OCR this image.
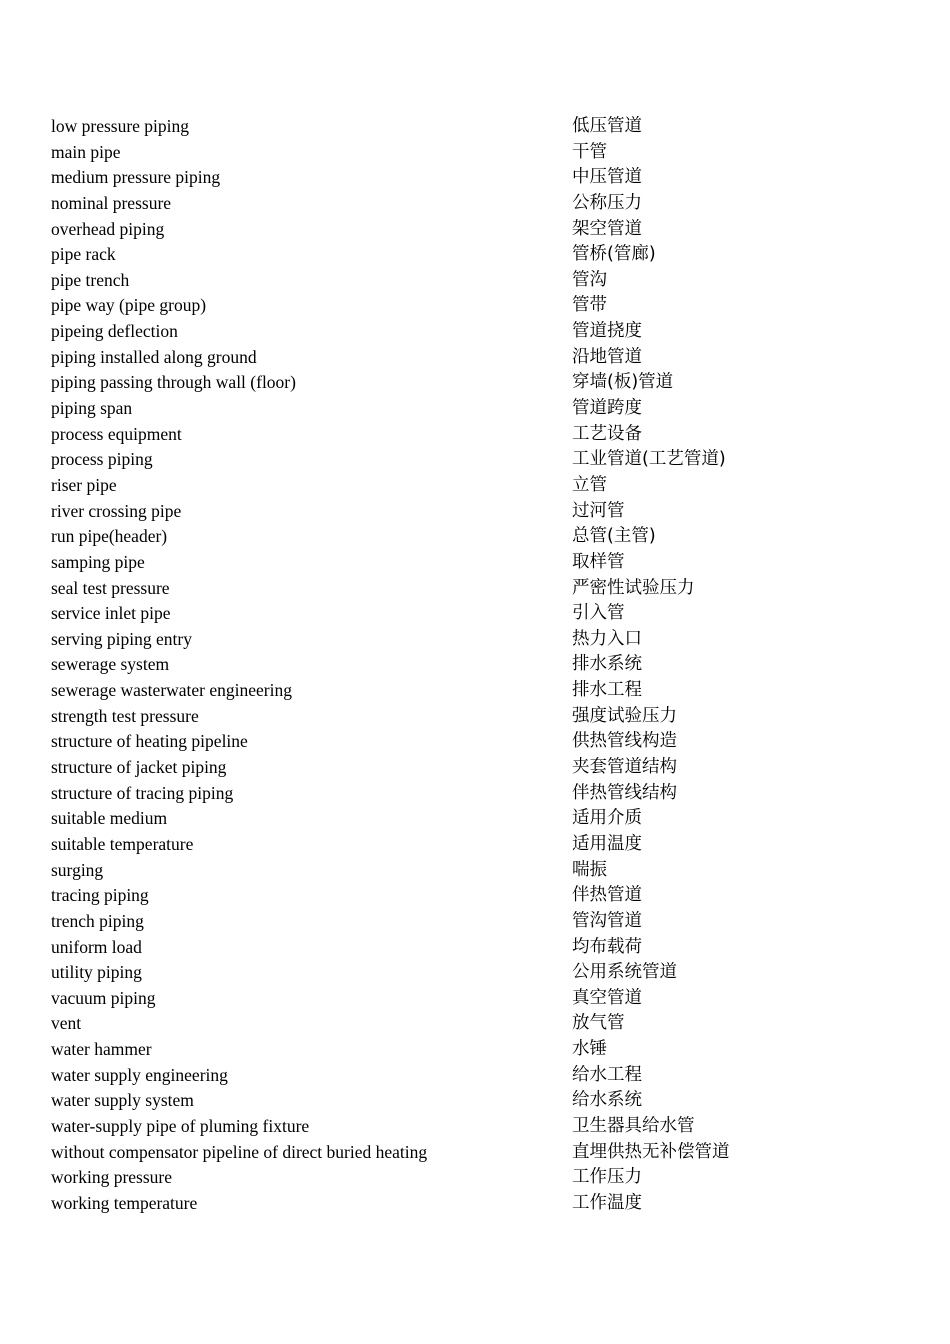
low pressure piping	低压管道
main pipe	干管
medium pressure piping	中压管道
nominal pressure	公称压力
overhead piping	架空管道
pipe rack	管桥(管廊)
pipe trench	管沟
pipe way (pipe group)	管带
pipeing deflection	管道挠度
piping installed along ground	沿地管道
piping passing through wall (floor)	穿墙(板)管道
piping span	管道跨度
process equipment	工艺设备
process piping	工业管道(工艺管道)
riser pipe	立管
river crossing pipe	过河管
run pipe(header)	总管(主管)
samping pipe	取样管
seal test pressure	严密性试验压力
service inlet pipe	引入管
serving piping entry	热力入口
sewerage system	排水系统
sewerage wasterwater engineering	排水工程
strength test pressure	强度试验压力
structure of heating pipeline	供热管线构造
structure of jacket piping	夹套管道结构
structure of tracing piping	伴热管线结构
suitable medium	适用介质
suitable temperature	适用温度
surging	喘振
tracing piping	伴热管道
trench piping	管沟管道
uniform load	均布载荷
utility piping	公用系统管道
vacuum piping	真空管道
vent	放气管
water hammer	水锤
water supply engineering	给水工程
water supply system	给水系统
water-supply pipe of pluming fixture	卫生器具给水管
without compensator pipeline of direct buried heating	直埋供热无补偿管道
working pressure	工作压力
working temperature	工作温度
